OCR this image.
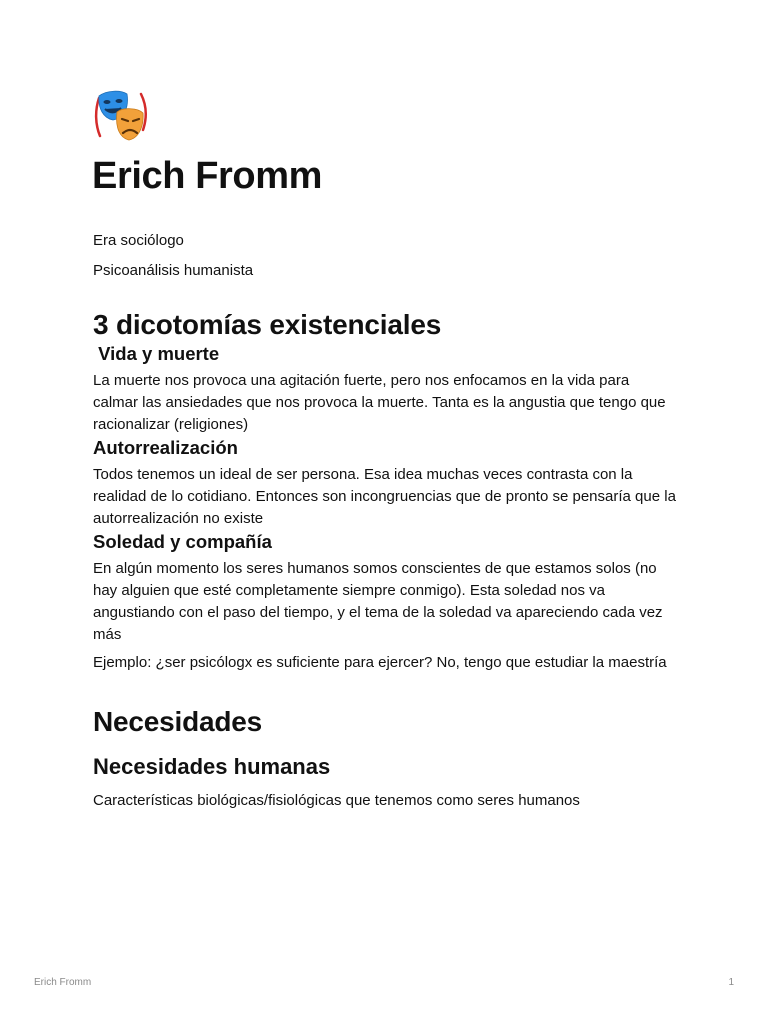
Erich Fromm

Era sociólogo

Psicoanálisis humanista

3 dicotomías existenciales
Vida y muerte

La muerte nos provoca una agitación fuerte, pero nos enfocamos en la vida para calmar las ansiedades que nos provoca la muerte. Tanta es la angustia que tengo que racionalizar (religiones)

Autorrealización

Todos tenemos un ideal de ser persona. Esa idea muchas veces contrasta con la realidad de lo cotidiano. Entonces son incongruencias que de pronto se pensaría que la autorrealización no existe

Soledad y compañía

En algún momento los seres humanos somos conscientes de que estamos solos (no hay alguien que esté completamente siempre conmigo). Esta soledad nos va angustiando con el paso del tiempo, y el tema de la soledad va apareciendo cada vez más

Ejemplo: ¿ser psicólogx es suficiente para ejercer? No, tengo que estudiar la maestría

Necesidades
Necesidades humanas

Características biológicas/fisiológicas que tenemos como seres humanos

Erich Fromm	1
